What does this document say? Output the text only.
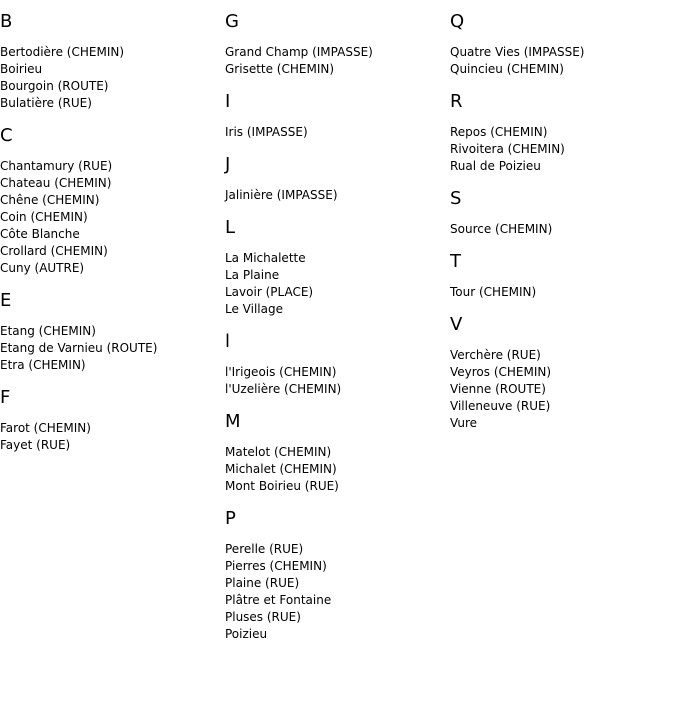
B
Bertodière (CHEMIN)
Boirieu
Bourgoin (ROUTE)
Bulatière (RUE)
C
Chantamury (RUE)
Chateau (CHEMIN)
Chêne (CHEMIN)
Coin (CHEMIN)
Côte Blanche
Crollard (CHEMIN)
Cuny (AUTRE)
E
Etang (CHEMIN)
Etang de Varnieu (ROUTE)
Etra (CHEMIN)
F
Farot (CHEMIN)
Fayet (RUE)
G
Grand Champ (IMPASSE)
Grisette (CHEMIN)
I
Iris (IMPASSE)
J
Jalinière (IMPASSE)
L
La Michalette
La Plaine
Lavoir (PLACE)
Le Village
l
l'Irigeois (CHEMIN)
l'Uzelière (CHEMIN)
M
Matelot (CHEMIN)
Michalet (CHEMIN)
Mont Boirieu (RUE)
P
Perelle (RUE)
Pierres (CHEMIN)
Plaine (RUE)
Plâtre et Fontaine
Pluses (RUE)
Poizieu
Q
Quatre Vies (IMPASSE)
Quincieu (CHEMIN)
R
Repos (CHEMIN)
Rivoitera (CHEMIN)
Rual de Poizieu
S
Source (CHEMIN)
T
Tour (CHEMIN)
V
Verchère (RUE)
Veyros (CHEMIN)
Vienne (ROUTE)
Villeneuve (RUE)
Vure
